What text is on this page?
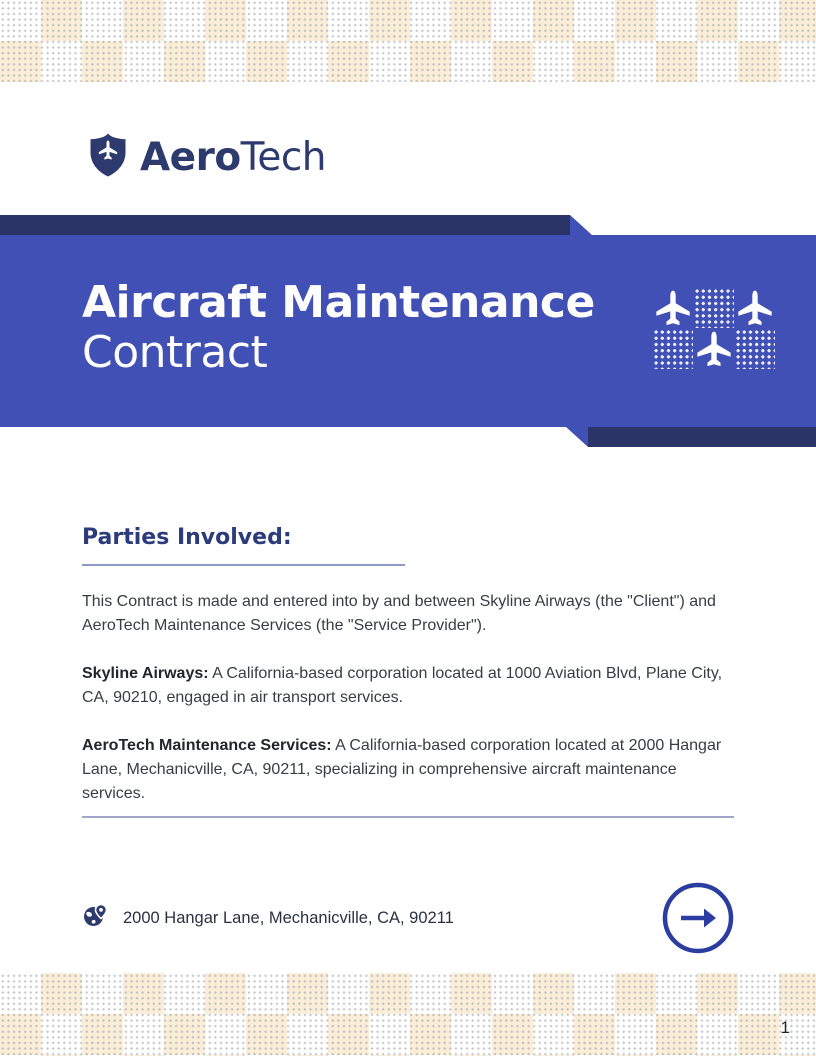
AeroTech
Aircraft Maintenance
Contract
Parties Involved:

This Contract is made and entered into by and between Skyline Airways (the "Client") and AeroTech Maintenance Services (the "Service Provider").

Skyline Airways: A California-based corporation located at 1000 Aviation Blvd, Plane City, CA, 90210, engaged in air transport services.

AeroTech Maintenance Services: A California-based corporation located at 2000 Hangar Lane, Mechanicville, CA, 90211, specializing in comprehensive aircraft maintenance services.

2000 Hangar Lane, Mechanicville, CA, 90211
1
